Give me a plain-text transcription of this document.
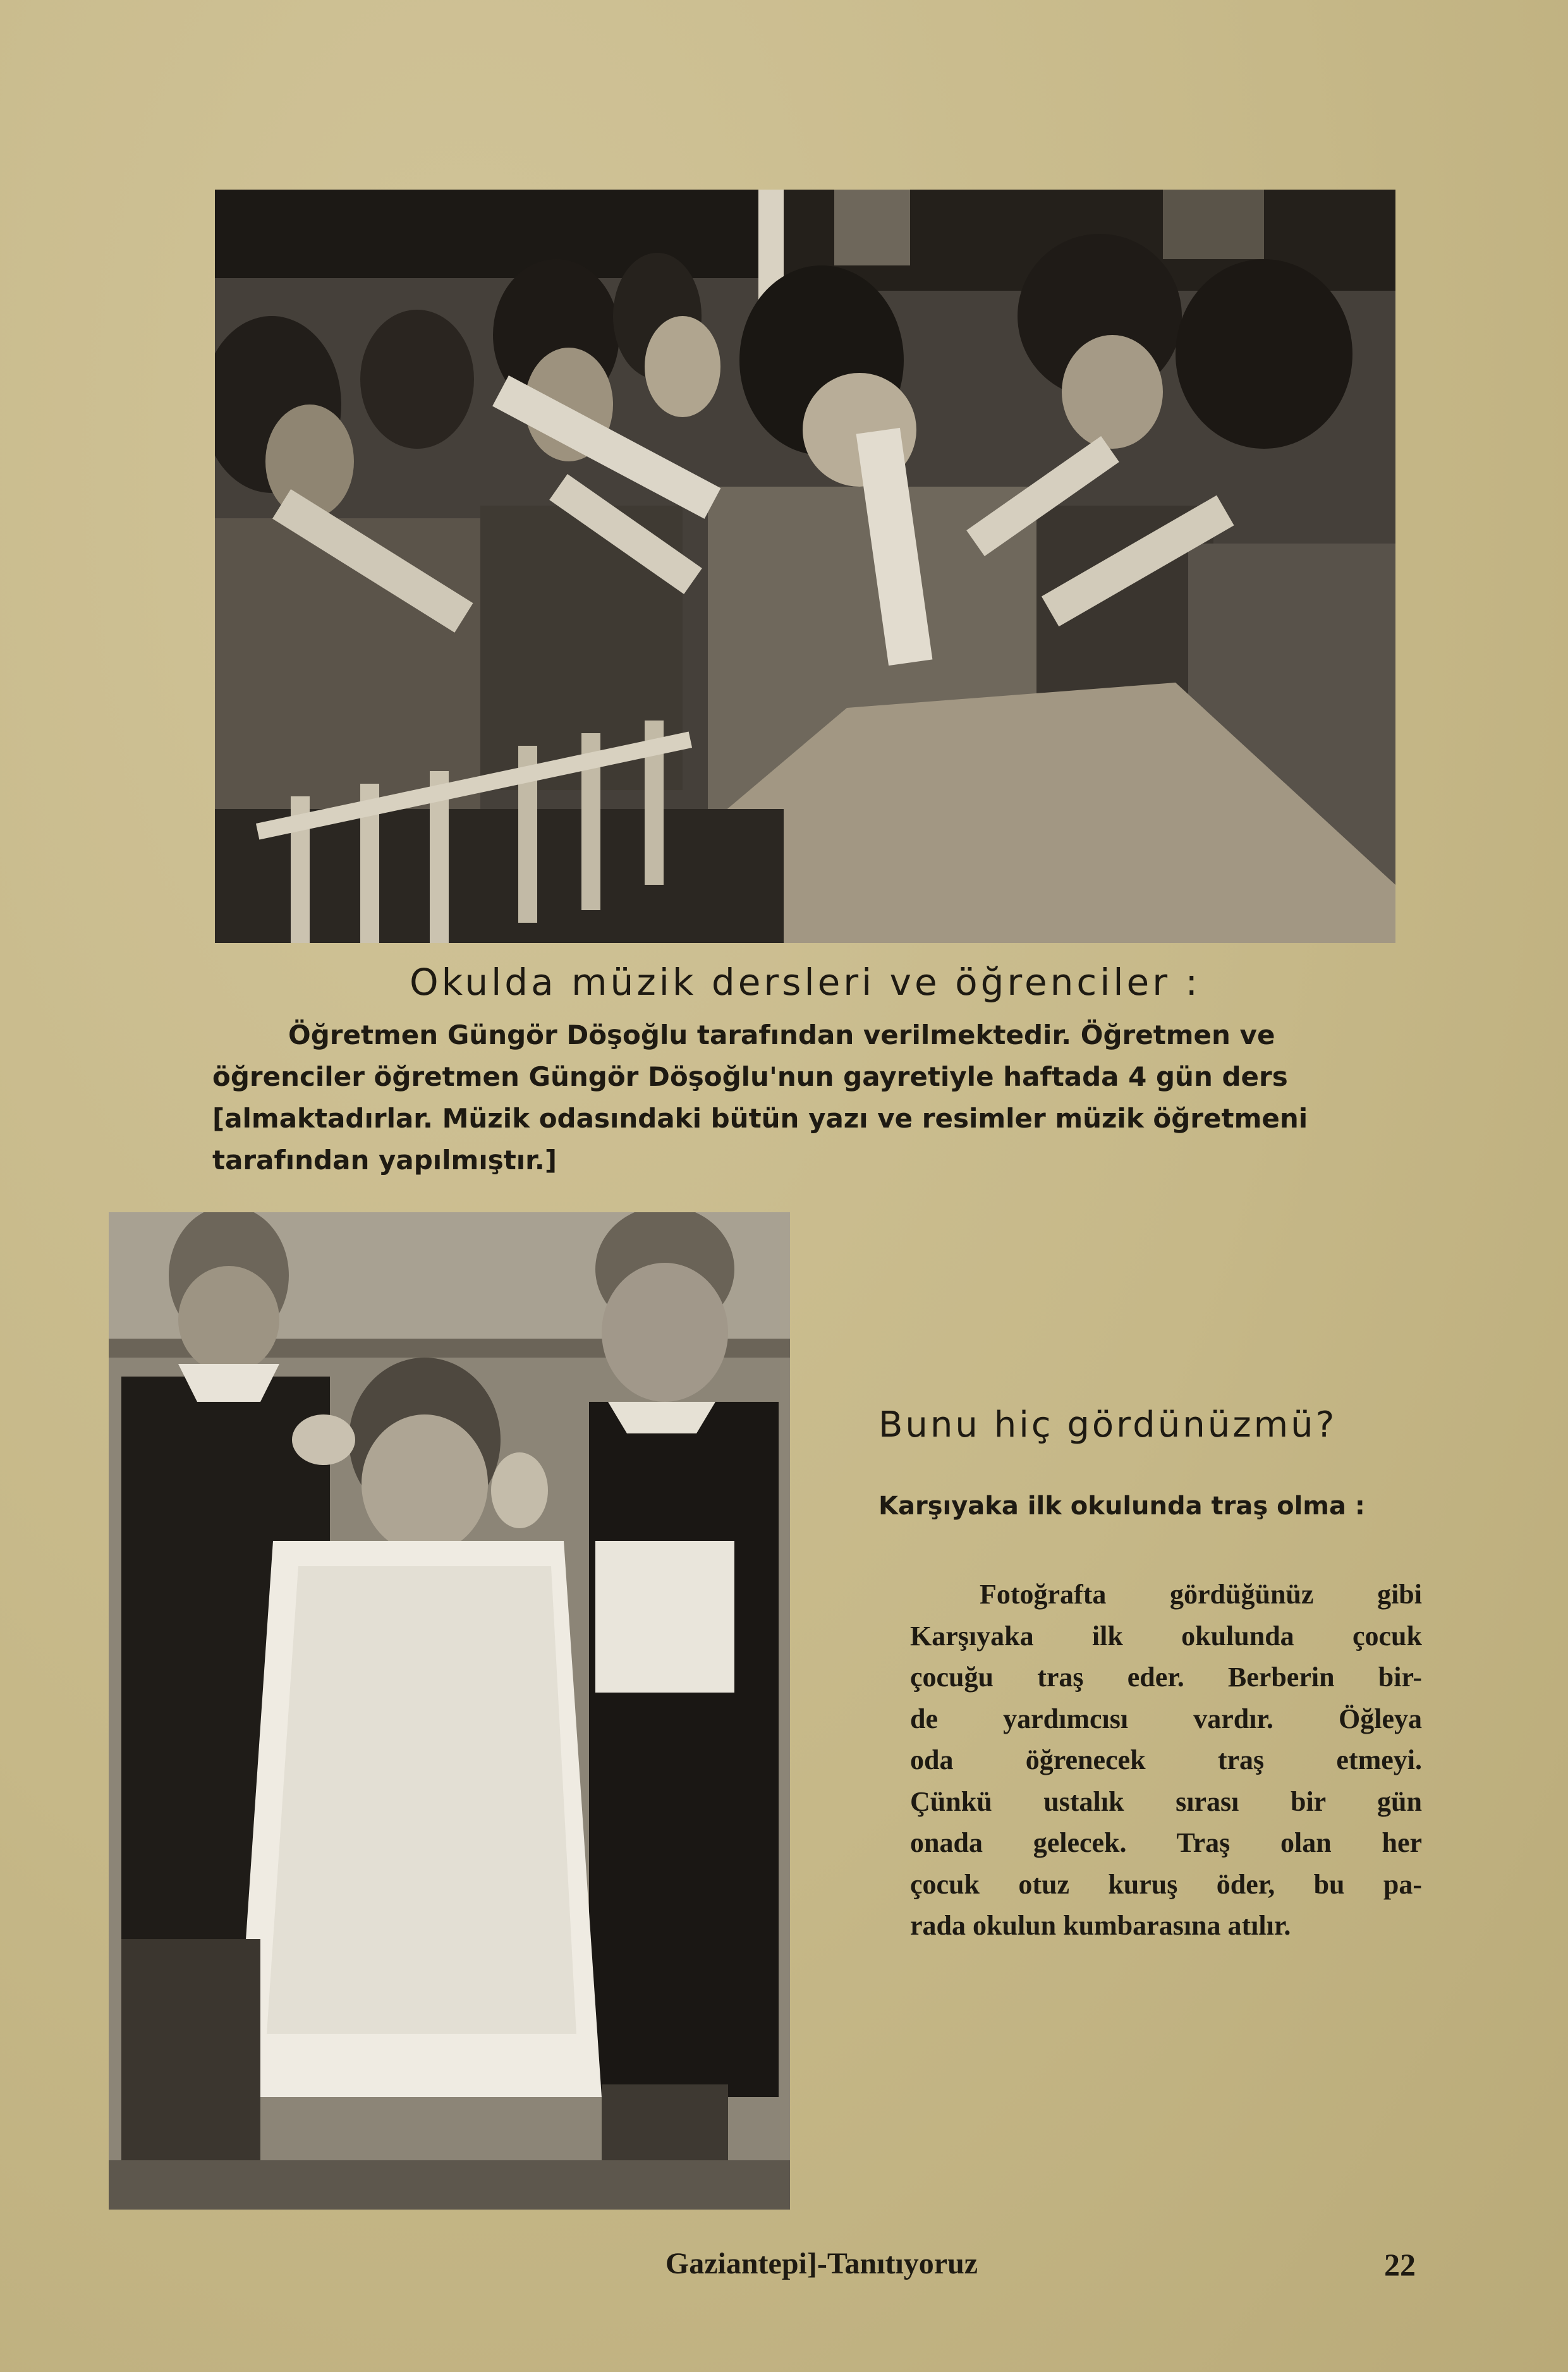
Okulda müzik dersleri ve öğrenciler :
Öğretmen Güngör Döşoğlu tarafından verilmektedir. Öğretmen ve
öğrenciler öğretmen Güngör Döşoğlu'nun gayretiyle haftada 4 gün ders
[almaktadırlar. Müzik odasındaki bütün yazı ve resimler müzik öğretmeni
tarafından yapılmıştır.]
Bunu hiç gördünüzmü?
Karşıyaka ilk okulunda traş olma :
Fotoğrafta gördüğünüz gibi
Karşıyaka ilk okulunda çocuk
çocuğu traş eder. Berberin bir-
de yardımcısı vardır. Öğleya
oda öğrenecek traş etmeyi.
Çünkü ustalık sırası bir gün
onada gelecek. Traş olan her
çocuk otuz kuruş öder, bu pa-
rada okulun kumbarasına atılır.
Gaziantepi]-Tanıtıyoruz	22
